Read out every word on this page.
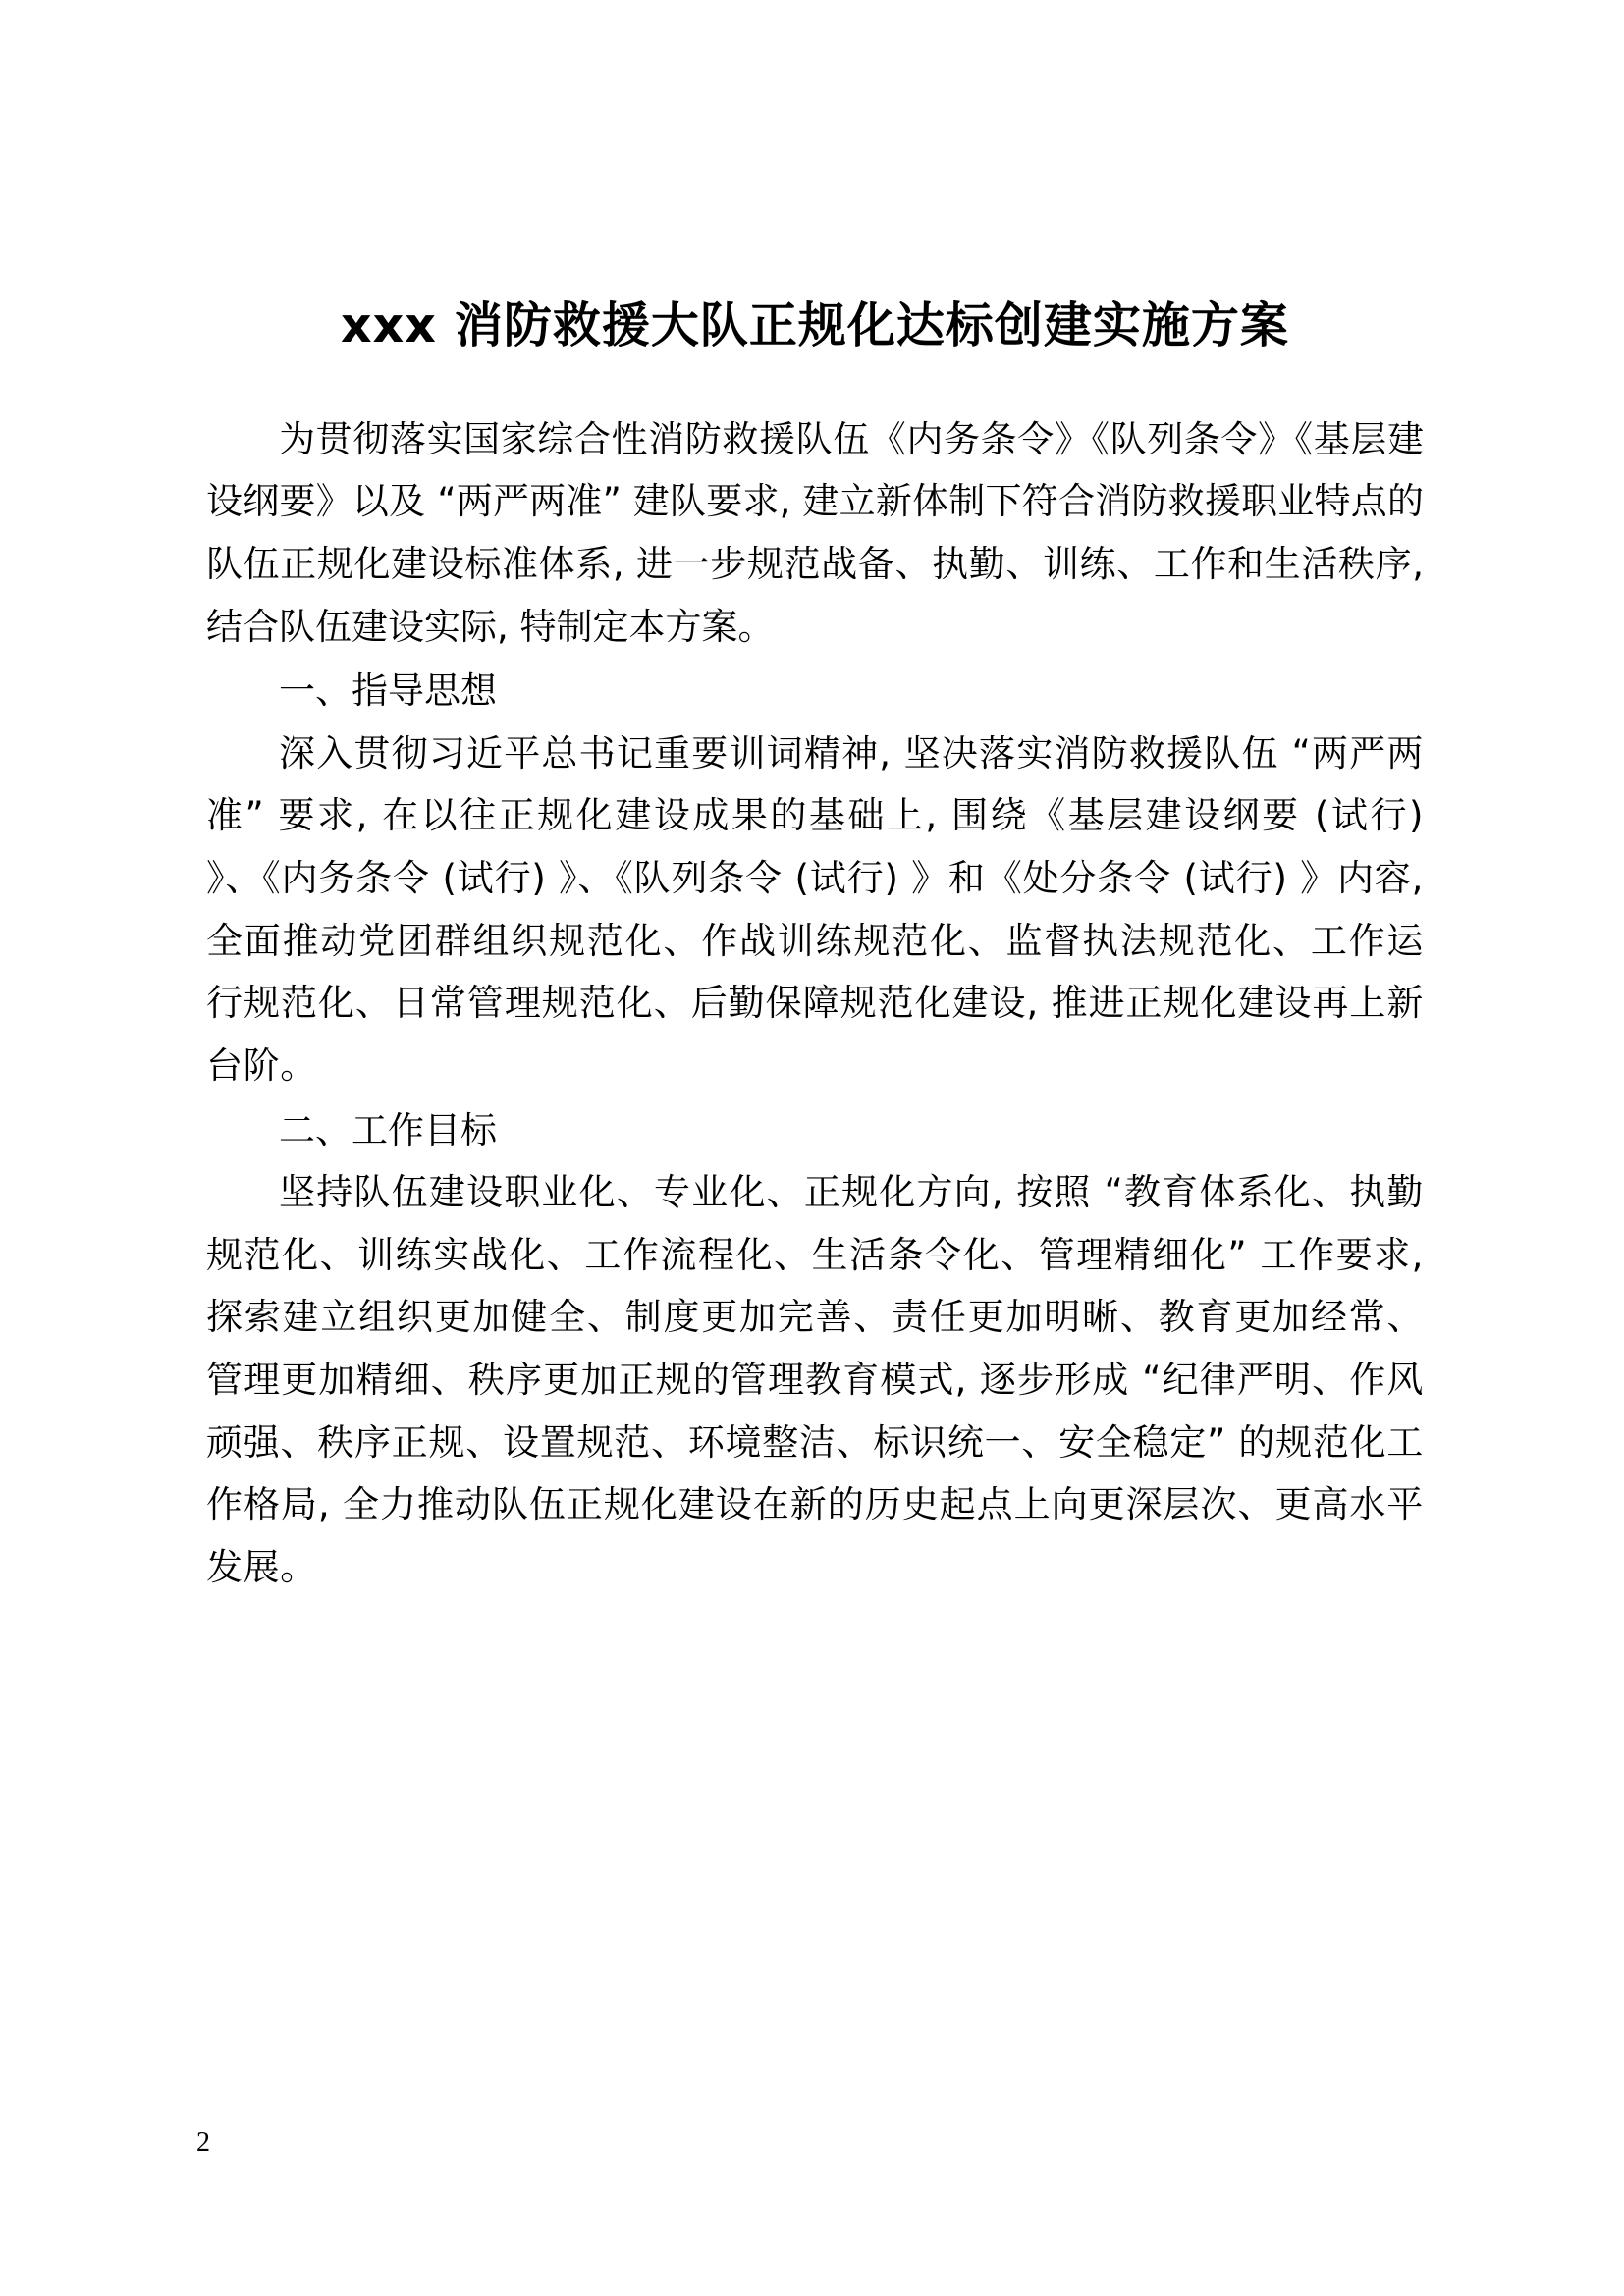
xxx 消防救援大队正规化达标创建实施方案

为贯彻落实国家综合性消防救援队伍《内务条令》《队列条令》《基层建设纲要》以及 “两严两准” 建队要求, 建立新体制下符合消防救援职业特点的队伍正规化建设标准体系, 进一步规范战备、执勤、训练、工作和生活秩序, 结合队伍建设实际, 特制定本方案。

一、指导思想

深入贯彻习近平总书记重要训词精神, 坚决落实消防救援队伍 “两严两准” 要求, 在以往正规化建设成果的基础上, 围绕《基层建设纲要 (试行) 》、《内务条令 (试行) 》、《队列条令 (试行) 》和《处分条令 (试行) 》内容, 全面推动党团群组织规范化、作战训练规范化、监督执法规范化、工作运行规范化、日常管理规范化、后勤保障规范化建设, 推进正规化建设再上新台阶。

二、工作目标

坚持队伍建设职业化、专业化、正规化方向, 按照 “教育体系化、执勤规范化、训练实战化、工作流程化、生活条令化、管理精细化” 工作要求, 探索建立组织更加健全、制度更加完善、责任更加明晰、教育更加经常、管理更加精细、秩序更加正规的管理教育模式, 逐步形成 “纪律严明、作风顽强、秩序正规、设置规范、环境整洁、标识统一、安全稳定” 的规范化工作格局, 全力推动队伍正规化建设在新的历史起点上向更深层次、更高水平发展。

2
